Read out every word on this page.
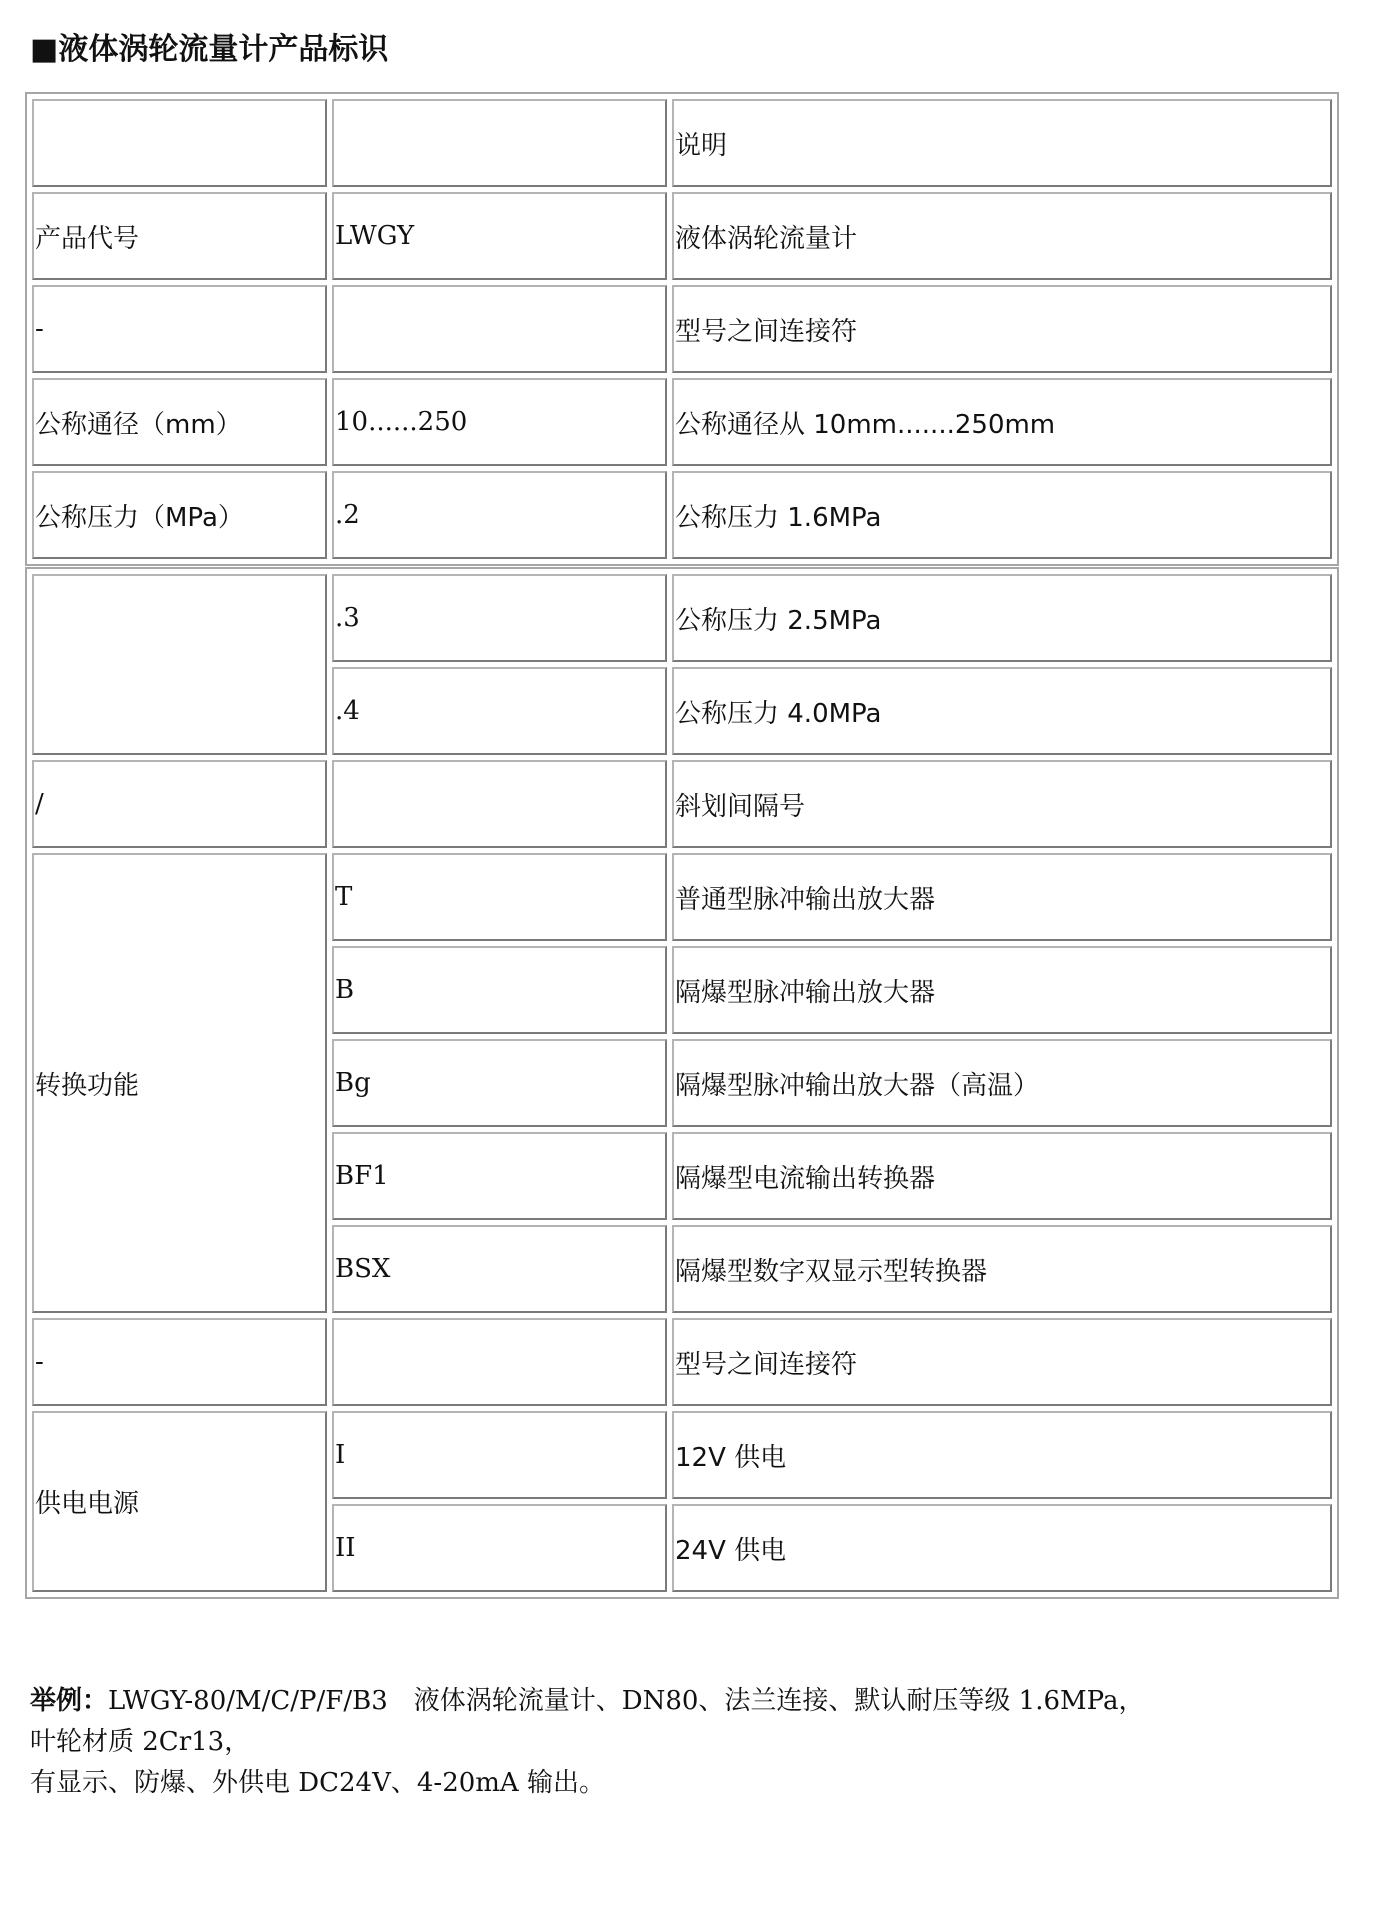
■液体涡轮流量计产品标识
		说明
产品代号	LWGY	液体涡轮流量计
-		型号之间连接符
公称通径（mm）	10......250	公称通径从 10mm.......250mm
公称压力（MPa）	.2	公称压力 1.6MPa
	.3	公称压力 2.5MPa
	.4	公称压力 4.0MPa
/		斜划间隔号
转换功能	T	普通型脉冲输出放大器
	B	隔爆型脉冲输出放大器
	Bg	隔爆型脉冲输出放大器（高温）
	BF1	隔爆型电流输出转换器
	BSX	隔爆型数字双显示型转换器
-		型号之间连接符
供电电源	I	12V 供电
	II	24V 供电
举例：LWGY-80/M/C/P/F/B3　液体涡轮流量计、DN80、法兰连接、默认耐压等级 1.6MPa，
叶轮材质 2Cr13，
有显示、防爆、外供电 DC24V、4-20mA 输出。
